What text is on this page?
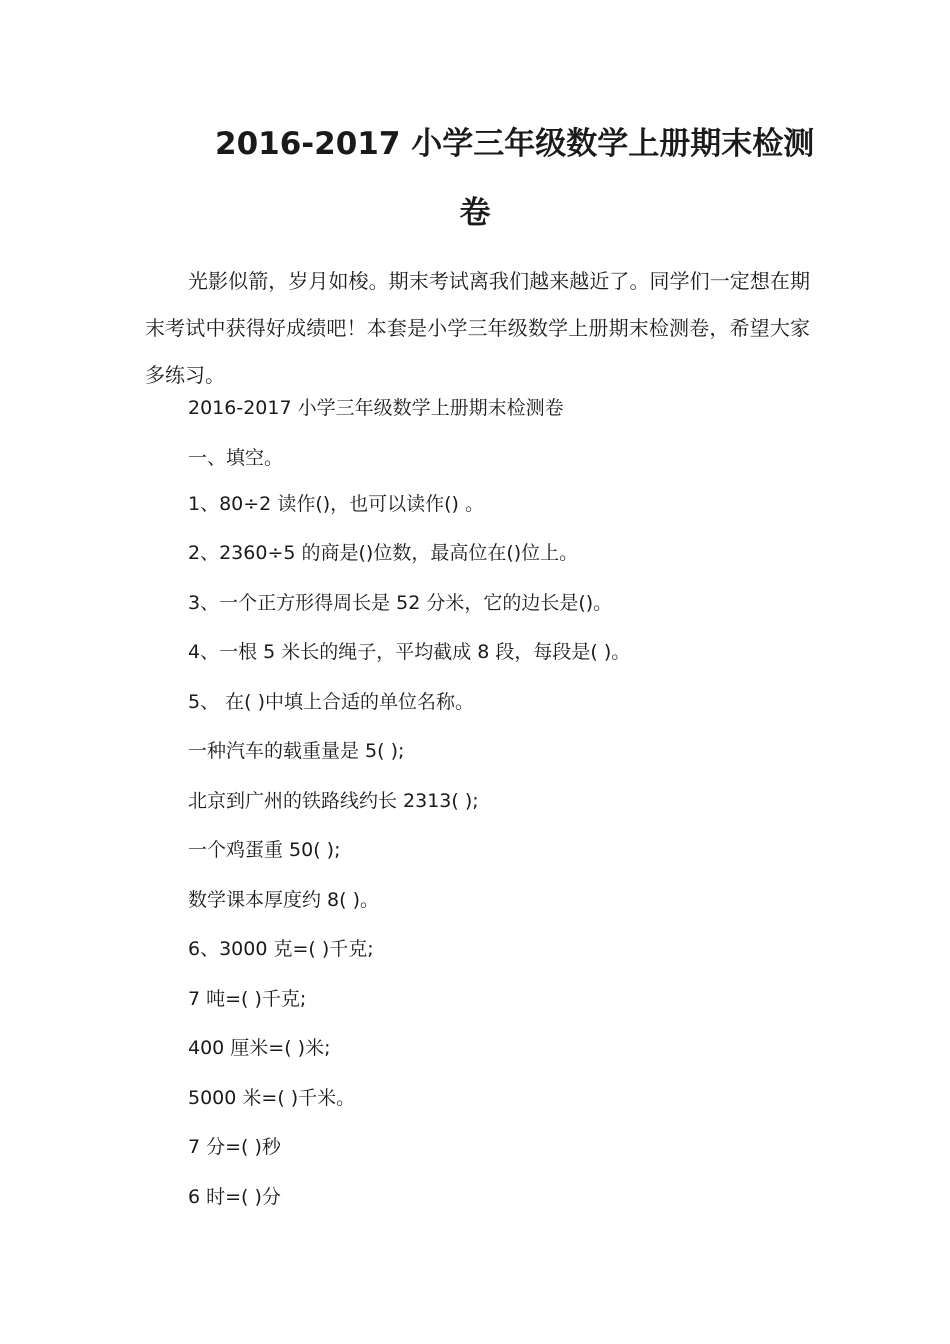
2016-2017 小学三年级数学上册期末检测
卷

光影似箭，岁月如梭。期末考试离我们越来越近了。同学们一定想在期末考试中获得好成绩吧！本套是小学三年级数学上册期末检测卷，希望大家多练习。

2016-2017 小学三年级数学上册期末检测卷

一、填空。

1、80÷2 读作()，也可以读作() 。

2、2360÷5 的商是()位数，最高位在()位上。

3、一个正方形得周长是 52 分米，它的边长是()。

4、一根 5 米长的绳子，平均截成 8 段，每段是( )。

5、 在( )中填上合适的单位名称。

一种汽车的载重量是 5( );

北京到广州的铁路线约长 2313( );

一个鸡蛋重 50( );

数学课本厚度约 8( )。

6、3000 克=( )千克;

7 吨=( )千克;

400 厘米=( )米;

5000 米=( )千米。

7 分=( )秒

6 时=( )分
